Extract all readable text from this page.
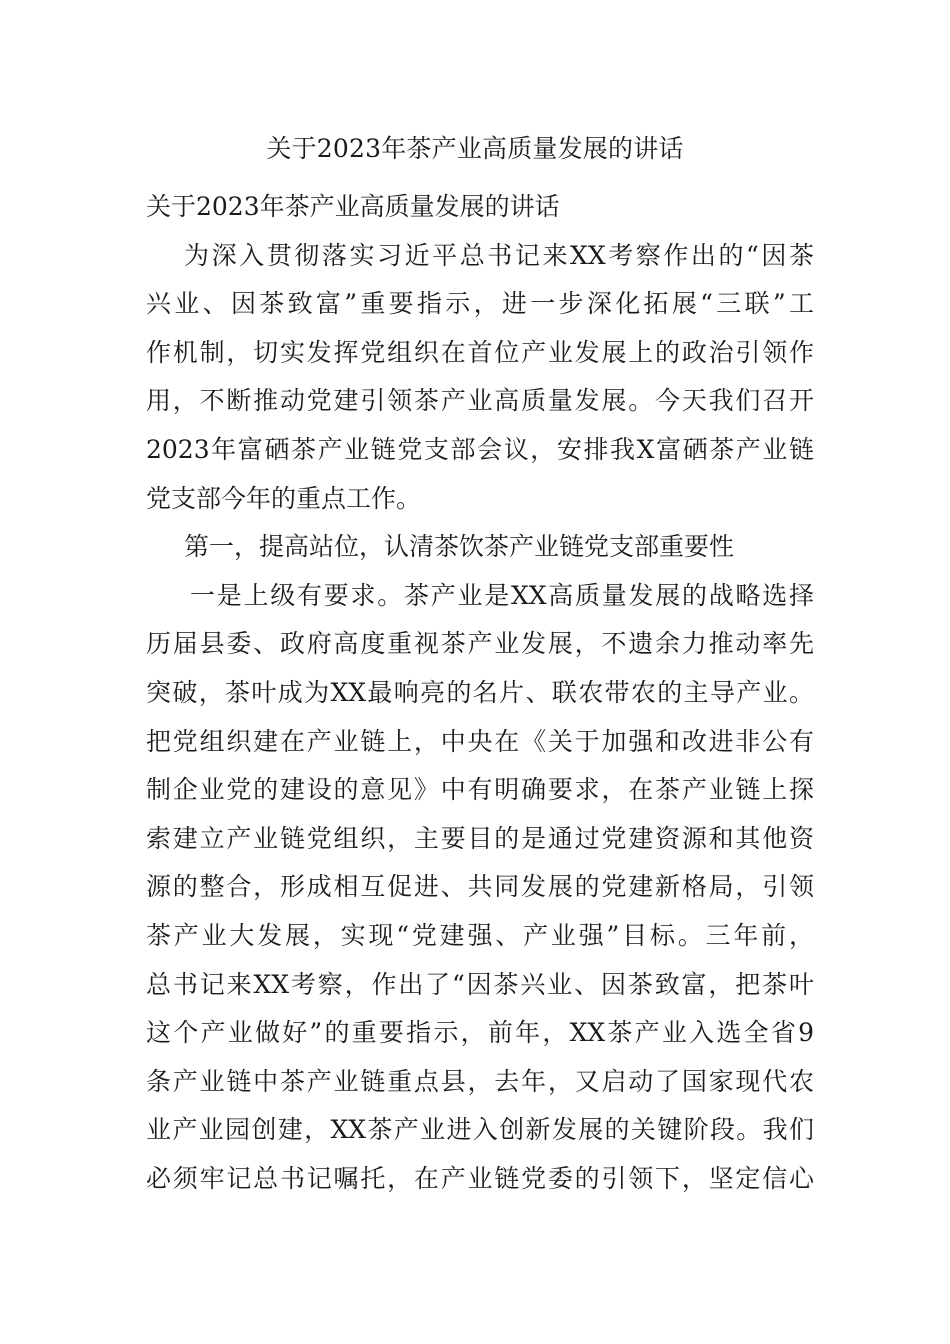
关于2023年茶产业高质量发展的讲话
关于2023年茶产业高质量发展的讲话
为深入贯彻落实习近平总书记来XX考察作出的“因茶
兴业、因茶致富”重要指示，进一步深化拓展“三联”工
作机制，切实发挥党组织在首位产业发展上的政治引领作
用，不断推动党建引领茶产业高质量发展。今天我们召开
2023年富硒茶产业链党支部会议，安排我X富硒茶产业链
党支部今年的重点工作。
第一，提高站位，认清茶饮茶产业链党支部重要性
一是上级有要求。茶产业是XX高质量发展的战略选择
历届县委、政府高度重视茶产业发展，不遗余力推动率先
突破，茶叶成为XX最响亮的名片、联农带农的主导产业。
把党组织建在产业链上，中央在《关于加强和改进非公有
制企业党的建设的意见》中有明确要求，在茶产业链上探
索建立产业链党组织，主要目的是通过党建资源和其他资
源的整合，形成相互促进、共同发展的党建新格局，引领
茶产业大发展，实现“党建强、产业强”目标。三年前，
总书记来XX考察，作出了“因茶兴业、因茶致富，把茶叶
这个产业做好”的重要指示，前年，XX茶产业入选全省9
条产业链中茶产业链重点县，去年，又启动了国家现代农
业产业园创建，XX茶产业进入创新发展的关键阶段。我们
必须牢记总书记嘱托，在产业链党委的引领下，坚定信心
